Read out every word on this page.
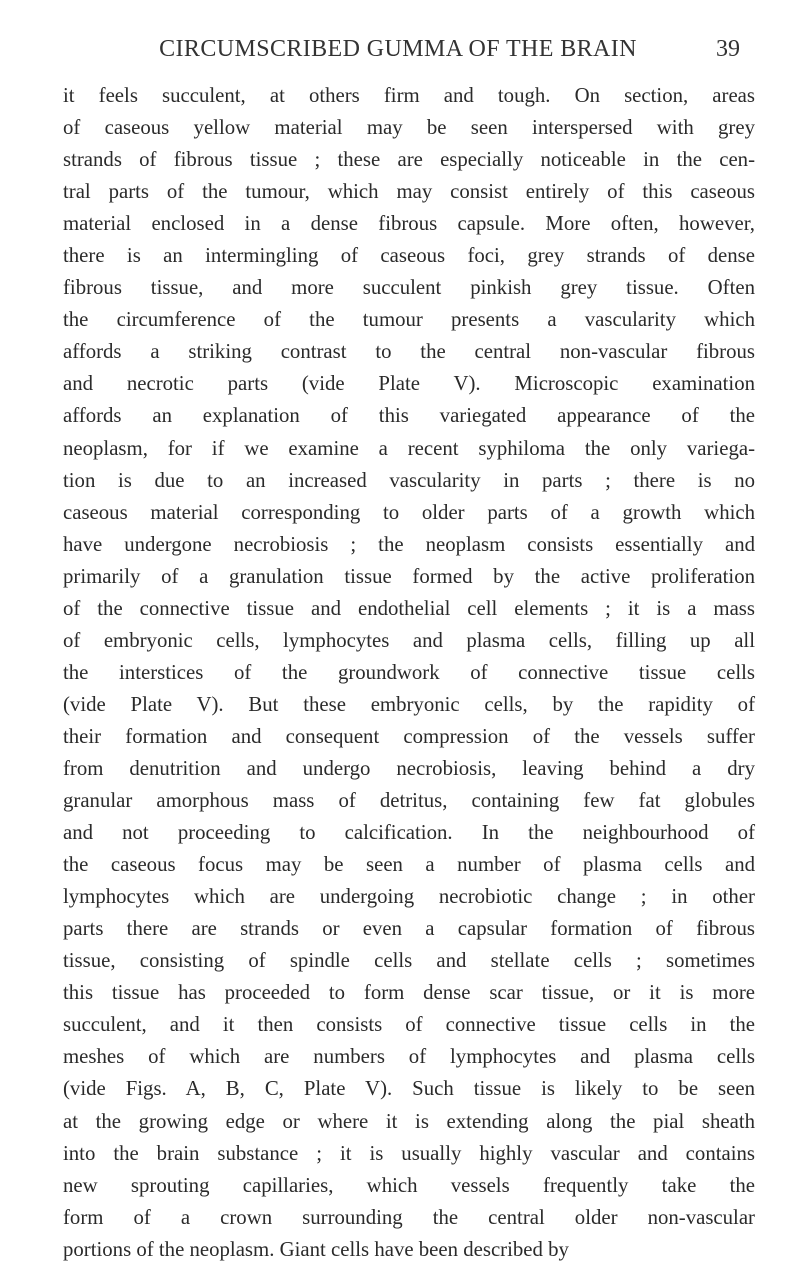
CIRCUMSCRIBED GUMMA OF THE BRAIN	39
it feels succulent, at others firm and tough. On section, areas
of caseous yellow material may be seen interspersed with grey
strands of fibrous tissue ; these are especially noticeable in the cen-
tral parts of the tumour, which may consist entirely of this caseous
material enclosed in a dense fibrous capsule. More often, however,
there is an intermingling of caseous foci, grey strands of dense
fibrous tissue, and more succulent pinkish grey tissue. Often
the circumference of the tumour presents a vascularity which
affords a striking contrast to the central non-vascular fibrous
and necrotic parts (vide Plate V). Microscopic examination
affords an explanation of this variegated appearance of the
neoplasm, for if we examine a recent syphiloma the only variega-
tion is due to an increased vascularity in parts ; there is no
caseous material corresponding to older parts of a growth which
have undergone necrobiosis ; the neoplasm consists essentially and
primarily of a granulation tissue formed by the active proliferation
of the connective tissue and endothelial cell elements ; it is a mass
of embryonic cells, lymphocytes and plasma cells, filling up all
the interstices of the groundwork of connective tissue cells
(vide Plate V). But these embryonic cells, by the rapidity of
their formation and consequent compression of the vessels suffer
from denutrition and undergo necrobiosis, leaving behind a dry
granular amorphous mass of detritus, containing few fat globules
and not proceeding to calcification. In the neighbourhood of
the caseous focus may be seen a number of plasma cells and
lymphocytes which are undergoing necrobiotic change ; in other
parts there are strands or even a capsular formation of fibrous
tissue, consisting of spindle cells and stellate cells ; sometimes
this tissue has proceeded to form dense scar tissue, or it is more
succulent, and it then consists of connective tissue cells in the
meshes of which are numbers of lymphocytes and plasma cells
(vide Figs. A, B, C, Plate V). Such tissue is likely to be seen
at the growing edge or where it is extending along the pial sheath
into the brain substance ; it is usually highly vascular and contains
new sprouting capillaries, which vessels frequently take the
form of a crown surrounding the central older non-vascular
portions of the neoplasm. Giant cells have been described by
